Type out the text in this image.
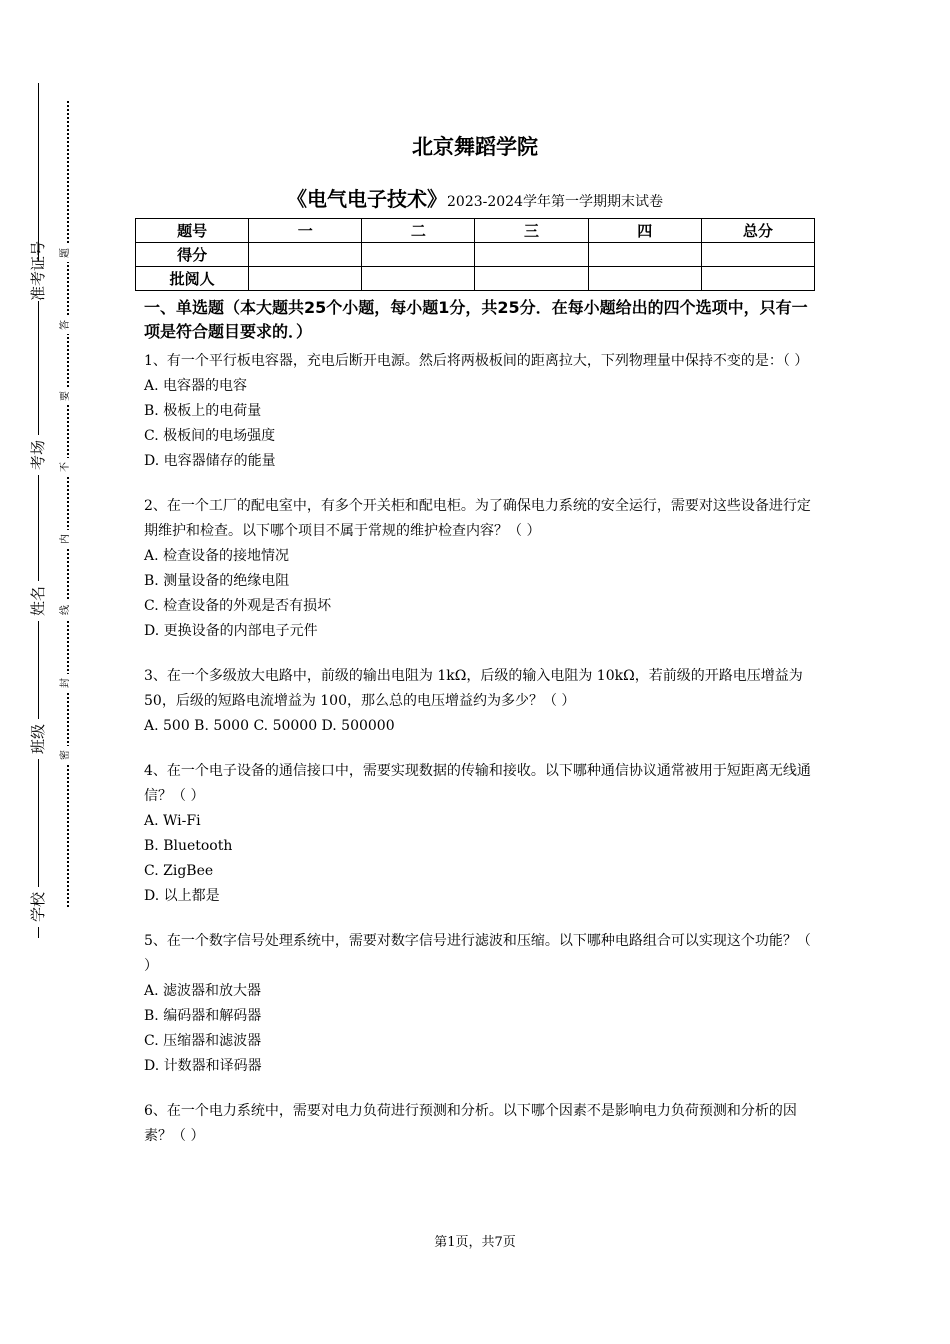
准考证号
考场
姓名
班级
学校
题
答
要
不
内
线
封
密
北京舞蹈学院
《电气电子技术》2023-2024学年第一学期期末试卷
题号	一	二	三	四	总分
得分					
批阅人					
一、单选题（本大题共25个小题，每小题1分，共25分．在每小题给出的四个选项中，只有一项是符合题目要求的．）
1、有一个平行板电容器，充电后断开电源。然后将两极板间的距离拉大，下列物理量中保持不变的是：（ ）
A. 电容器的电容
B. 极板上的电荷量
C. 极板间的电场强度
D. 电容器储存的能量
2、在一个工厂的配电室中，有多个开关柜和配电柜。为了确保电力系统的安全运行，需要对这些设备进行定期维护和检查。以下哪个项目不属于常规的维护检查内容？（ ）
A. 检查设备的接地情况
B. 测量设备的绝缘电阻
C. 检查设备的外观是否有损坏
D. 更换设备的内部电子元件
3、在一个多级放大电路中，前级的输出电阻为 1kΩ，后级的输入电阻为 10kΩ，若前级的开路电压增益为 50，后级的短路电流增益为 100，那么总的电压增益约为多少？（ ）
A. 500 B. 5000 C. 50000 D. 500000
4、在一个电子设备的通信接口中，需要实现数据的传输和接收。以下哪种通信协议通常被用于短距离无线通信？（ ）
A. Wi-Fi
B. Bluetooth
C. ZigBee
D. 以上都是
5、在一个数字信号处理系统中，需要对数字信号进行滤波和压缩。以下哪种电路组合可以实现这个功能？（ ）
A. 滤波器和放大器
B. 编码器和解码器
C. 压缩器和滤波器
D. 计数器和译码器
6、在一个电力系统中，需要对电力负荷进行预测和分析。以下哪个因素不是影响电力负荷预测和分析的因素？（ ）
第1页，共7页
